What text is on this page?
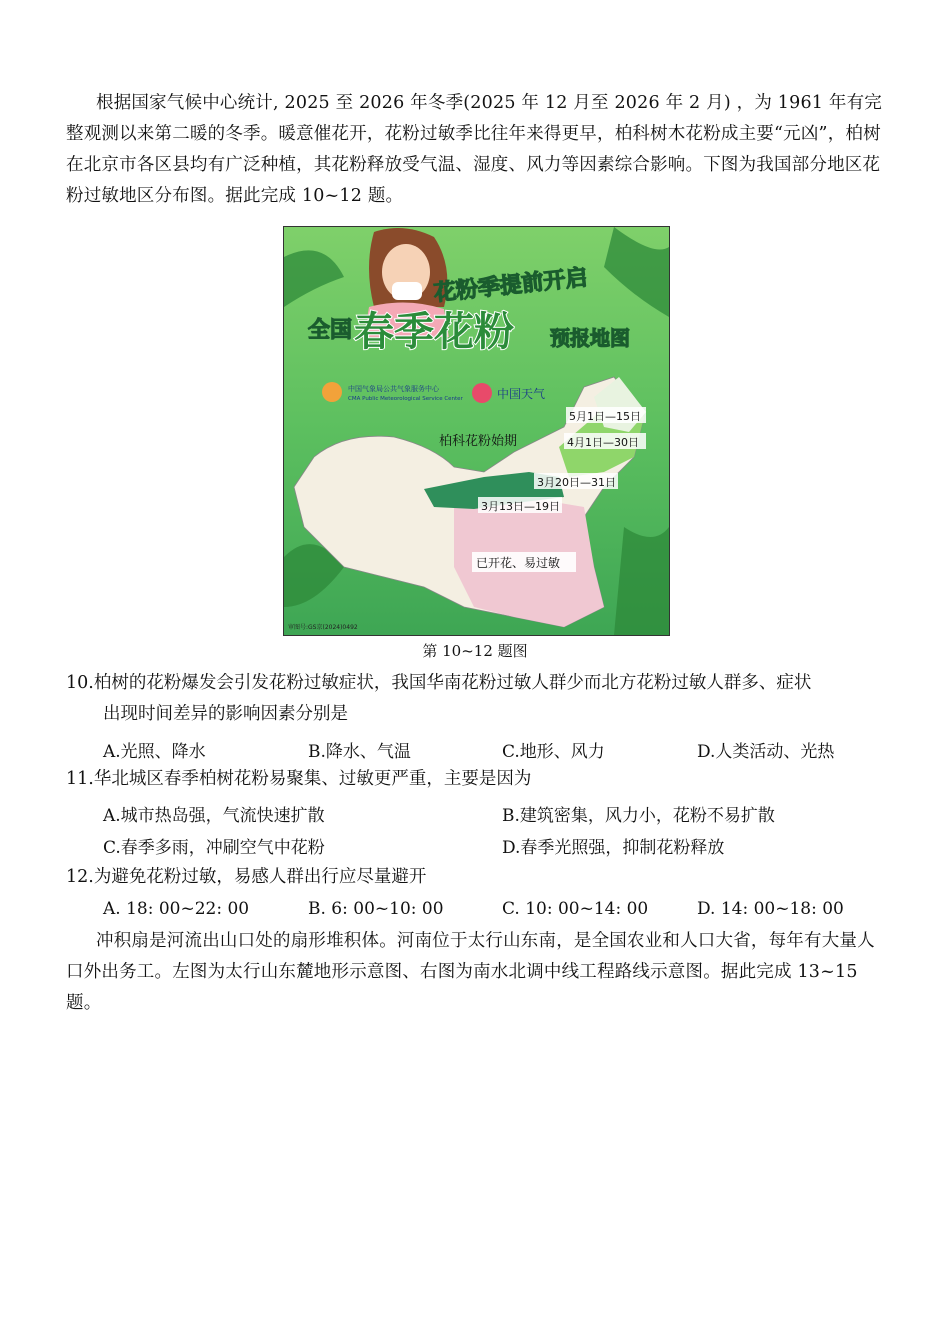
根据国家气候中心统计, 2025 至 2026 年冬季(2025 年 12 月至 2026 年 2 月) ，为 1961 年有完整观测以来第二暖的冬季。暖意催花开，花粉过敏季比往年来得更早，柏科树木花粉成主要“元凶”，柏树在北京市各区县均有广泛种植，其花粉释放受气温、湿度、风力等因素综合影响。下图为我国部分地区花粉过敏地区分布图。据此完成 10~12 题。
花粉季提前开启
全国 春季花粉 预报地图
中国气象局公共气象服务中心
CMA Public Meteorological Service Center	中国天气
柏科花粉始期
5月1日—15日
4月1日—30日
3月20日—31日
3月13日—19日
已开花、易过敏
审图号:GS京(2024)0492
第 10~12 题图
10.柏树的花粉爆发会引发花粉过敏症状，我国华南花粉过敏人群少而北方花粉过敏人群多、症状
出现时间差异的影响因素分别是
A.光照、降水	B.降水、气温	C.地形、风力	D.人类活动、光热
11.华北城区春季柏树花粉易聚集、过敏更严重，主要是因为
A.城市热岛强，气流快速扩散	B.建筑密集，风力小，花粉不易扩散
C.春季多雨，冲刷空气中花粉	D.春季光照强，抑制花粉释放
12.为避免花粉过敏，易感人群出行应尽量避开
A. 18: 00~22: 00	B. 6: 00~10: 00	C. 10: 00~14: 00	D. 14: 00~18: 00
冲积扇是河流出山口处的扇形堆积体。河南位于太行山东南，是全国农业和人口大省，每年有大量人口外出务工。左图为太行山东麓地形示意图、右图为南水北调中线工程路线示意图。据此完成 13~15 题。
